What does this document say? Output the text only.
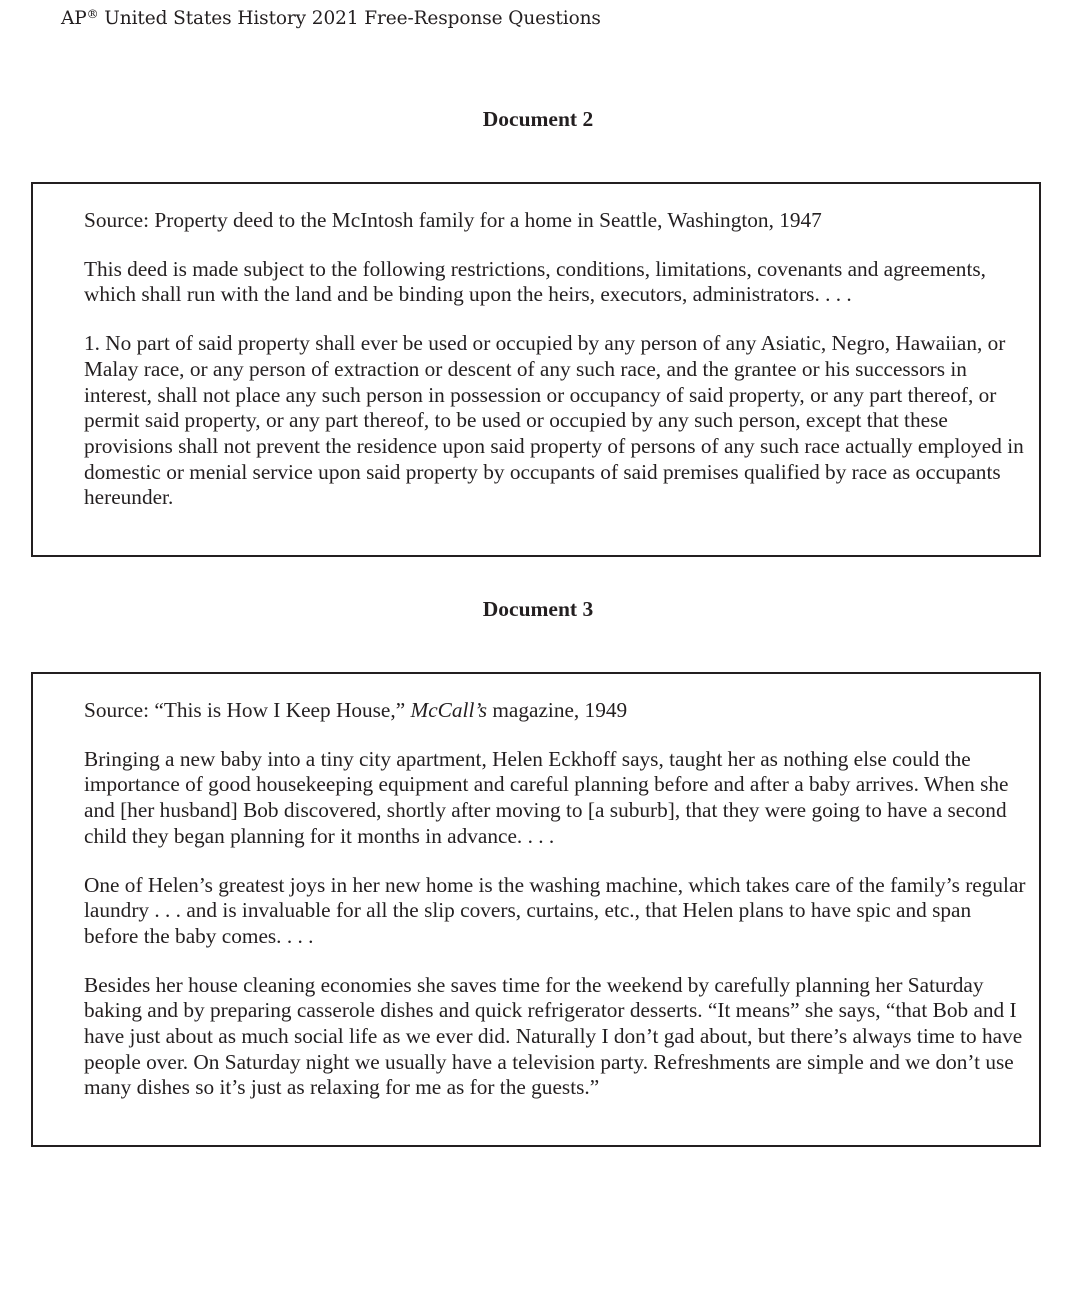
AP® United States History 2021 Free-Response Questions
Document 2

Source: Property deed to the McIntosh family for a home in Seattle, Washington, 1947

This deed is made subject to the following restrictions, conditions, limitations, covenants and agreements, which shall run with the land and be binding upon the heirs, executors, administrators. . . .

1. No part of said property shall ever be used or occupied by any person of any Asiatic, Negro, Hawaiian, or Malay race, or any person of extraction or descent of any such race, and the grantee or his successors in interest, shall not place any such person in possession or occupancy of said property, or any part thereof, or permit said property, or any part thereof, to be used or occupied by any such person, except that these provisions shall not prevent the residence upon said property of persons of any such race actually employed in domestic or menial service upon said property by occupants of said premises qualified by race as occupants hereunder.

Document 3

Source: “This is How I Keep House,” McCall’s magazine, 1949

Bringing a new baby into a tiny city apartment, Helen Eckhoff says, taught her as nothing else could the importance of good housekeeping equipment and careful planning before and after a baby arrives. When she and [her husband] Bob discovered, shortly after moving to [a suburb], that they were going to have a second child they began planning for it months in advance. . . .

One of Helen’s greatest joys in her new home is the washing machine, which takes care of the family’s regular laundry . . . and is invaluable for all the slip covers, curtains, etc., that Helen plans to have spic and span before the baby comes. . . .

Besides her house cleaning economies she saves time for the weekend by carefully planning her Saturday baking and by preparing casserole dishes and quick refrigerator desserts. “It means” she says, “that Bob and I have just about as much social life as we ever did. Naturally I don’t gad about, but there’s always time to have people over. On Saturday night we usually have a television party. Refreshments are simple and we don’t use many dishes so it’s just as relaxing for me as for the guests.”
